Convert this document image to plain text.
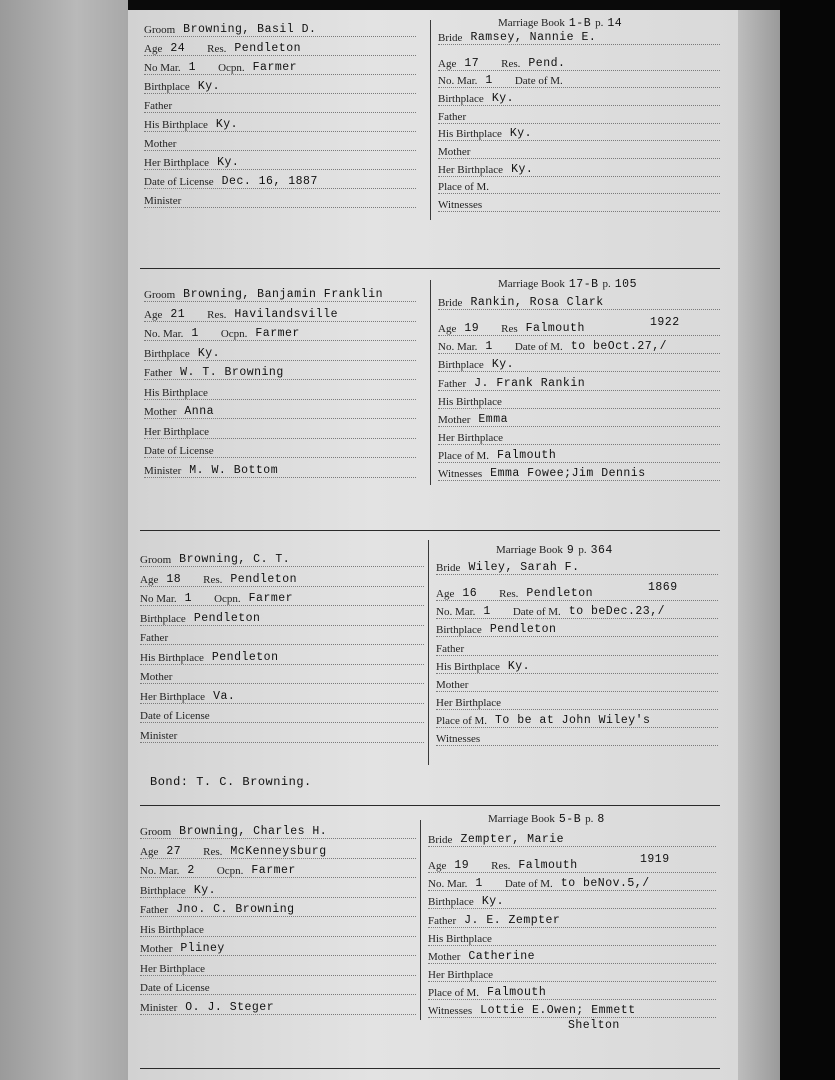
Marriage Book 1-B p. 14
Groom Browning, Basil D.
Age 24	Res. Pendleton
No Mar. 1	Ocpn. Farmer
Birthplace Ky.
Father
His Birthplace Ky.
Mother
Her Birthplace Ky.
Date of License Dec. 16, 1887
Minister
Bride Ramsey, Nannie E.
Age 17	Res. Pend.
No. Mar. 1	Date of M.
Birthplace Ky.
Father
His Birthplace Ky.
Mother
Her Birthplace Ky.
Place of M.
Witnesses
Marriage Book 17-B p. 105
Groom Browning, Banjamin Franklin
Age 21	Res. Havilandsville
No. Mar. 1	Ocpn. Farmer
Birthplace Ky.
Father W. T. Browning
His Birthplace
Mother Anna
Her Birthplace
Date of License
Minister M. W. Bottom
Bride Rankin, Rosa Clark
Age 19	Res Falmouth
No. Mar. 1	Date of M. to beOct.27,/
Birthplace Ky.
Father J. Frank Rankin
His Birthplace
Mother Emma
Her Birthplace
Place of M. Falmouth
Witnesses Emma Fowee;Jim Dennis
1922
Marriage Book 9 p. 364
Groom Browning, C. T.
Age 18	Res. Pendleton
No Mar. 1	Ocpn. Farmer
Birthplace Pendleton
Father
His Birthplace Pendleton
Mother
Her Birthplace Va.
Date of License
Minister
Bride Wiley, Sarah F.
Age 16	Res. Pendleton
No. Mar. 1	Date of M. to beDec.23,/
Birthplace Pendleton
Father
His Birthplace Ky.
Mother
Her Birthplace
Place of M. To be at John Wiley's
Witnesses
1869
Bond: T. C. Browning.
Marriage Book 5-B p. 8
Groom Browning, Charles H.
Age 27	Res. McKenneysburg
No. Mar. 2	Ocpn. Farmer
Birthplace Ky.
Father Jno. C. Browning
His Birthplace
Mother Pliney
Her Birthplace
Date of License
Minister O. J. Steger
Bride Zempter, Marie
Age 19	Res. Falmouth
No. Mar. 1	Date of M. to beNov.5,/
Birthplace Ky.
Father J. E. Zempter
His Birthplace
Mother Catherine
Her Birthplace
Place of M. Falmouth
Witnesses Lottie E.Owen; Emmett
1919
Shelton
